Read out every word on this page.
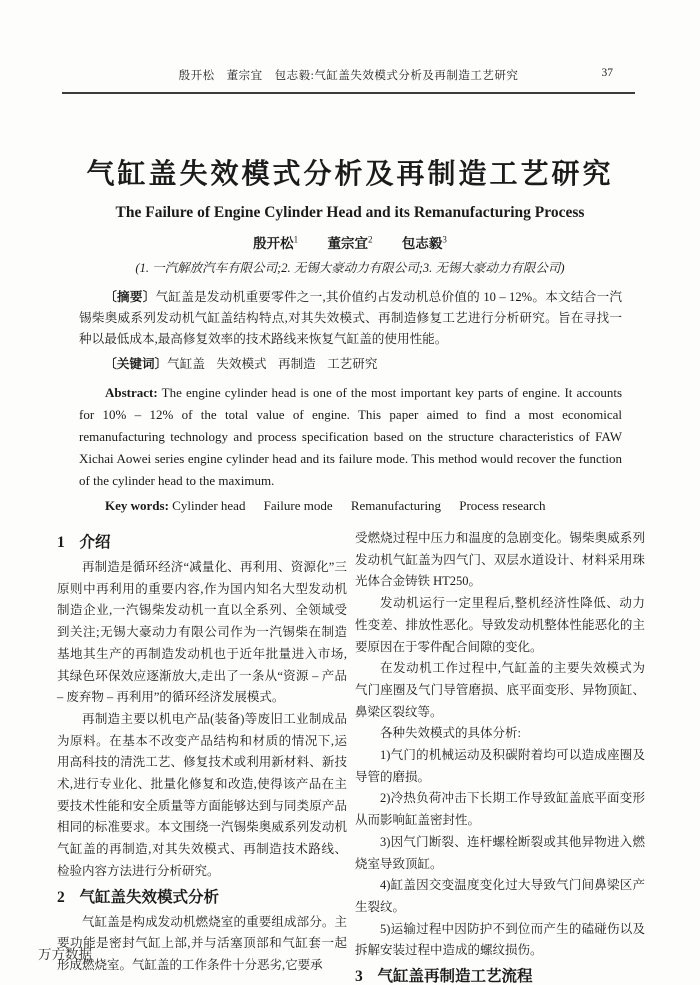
殷开松　董宗宜　包志毅:气缸盖失效模式分析及再制造工艺研究	37
气缸盖失效模式分析及再制造工艺研究
The Failure of Engine Cylinder Head and its Remanufacturing Process
殷开松$^1$ 董宗宜$^2$ 包志毅$^3$
(1. 一汽解放汽车有限公司;2. 无锡大豪动力有限公司;3. 无锡大豪动力有限公司)

〔摘要〕气缸盖是发动机重要零件之一,其价值约占发动机总价值的 10 – 12%。本文结合一汽锡柴奥威系列发动机气缸盖结构特点,对其失效模式、再制造修复工艺进行分析研究。旨在寻找一种以最低成本,最高修复效率的技术路线来恢复气缸盖的使用性能。

〔关键词〕气缸盖 失效模式 再制造 工艺研究

Abstract: The engine cylinder head is one of the most important key parts of engine. It accounts for 10% – 12% of the total value of engine. This paper aimed to find a most economical remanufacturing technology and process specification based on the structure characteristics of FAW Xichai Aowei series engine cylinder head and its failure mode. This method would recover the function of the cylinder head to the maximum.

Key words: Cylinder head Failure mode Remanufacturing Process research

1 介绍

再制造是循环经济“减量化、再利用、资源化”三原则中再利用的重要内容,作为国内知名大型发动机制造企业,一汽锡柴发动机一直以全系列、全领域受到关注;无锡大豪动力有限公司作为一汽锡柴在制造基地其生产的再制造发动机也于近年批量进入市场,其绿色环保效应逐渐放大,走出了一条从“资源 – 产品 – 废弃物 – 再利用”的循环经济发展模式。

再制造主要以机电产品(装备)等废旧工业制成品为原料。在基本不改变产品结构和材质的情况下,运用高科技的清洗工艺、修复技术或利用新材料、新技术,进行专业化、批量化修复和改造,使得该产品在主要技术性能和安全质量等方面能够达到与同类原产品相同的标准要求。本文围绕一汽锡柴奥威系列发动机气缸盖的再制造,对其失效模式、再制造技术路线、检验内容方法进行分析研究。

2 气缸盖失效模式分析

气缸盖是构成发动机燃烧室的重要组成部分。主要功能是密封气缸上部,并与活塞顶部和气缸套一起形成燃烧室。气缸盖的工作条件十分恶劣,它要承

受燃烧过程中压力和温度的急剧变化。锡柴奥威系列发动机气缸盖为四气门、双层水道设计、材料采用珠光体合金铸铁 HT250。

发动机运行一定里程后,整机经济性降低、动力性变差、排放性恶化。导致发动机整体性能恶化的主要原因在于零件配合间隙的变化。

在发动机工作过程中,气缸盖的主要失效模式为气门座圈及气门导管磨损、底平面变形、异物顶缸、鼻梁区裂纹等。

各种失效模式的具体分析:

1)气门的机械运动及积碳附着均可以造成座圈及导管的磨损。

2)冷热负荷冲击下长期工作导致缸盖底平面变形从而影响缸盖密封性。

3)因气门断裂、连杆螺栓断裂或其他异物进入燃烧室导致顶缸。

4)缸盖因交变温度变化过大导致气门间鼻梁区产生裂纹。

5)运输过程中因防护不到位而产生的磕碰伤以及拆解安装过程中造成的螺纹损伤。

3 气缸盖再制造工艺流程
万方数据
